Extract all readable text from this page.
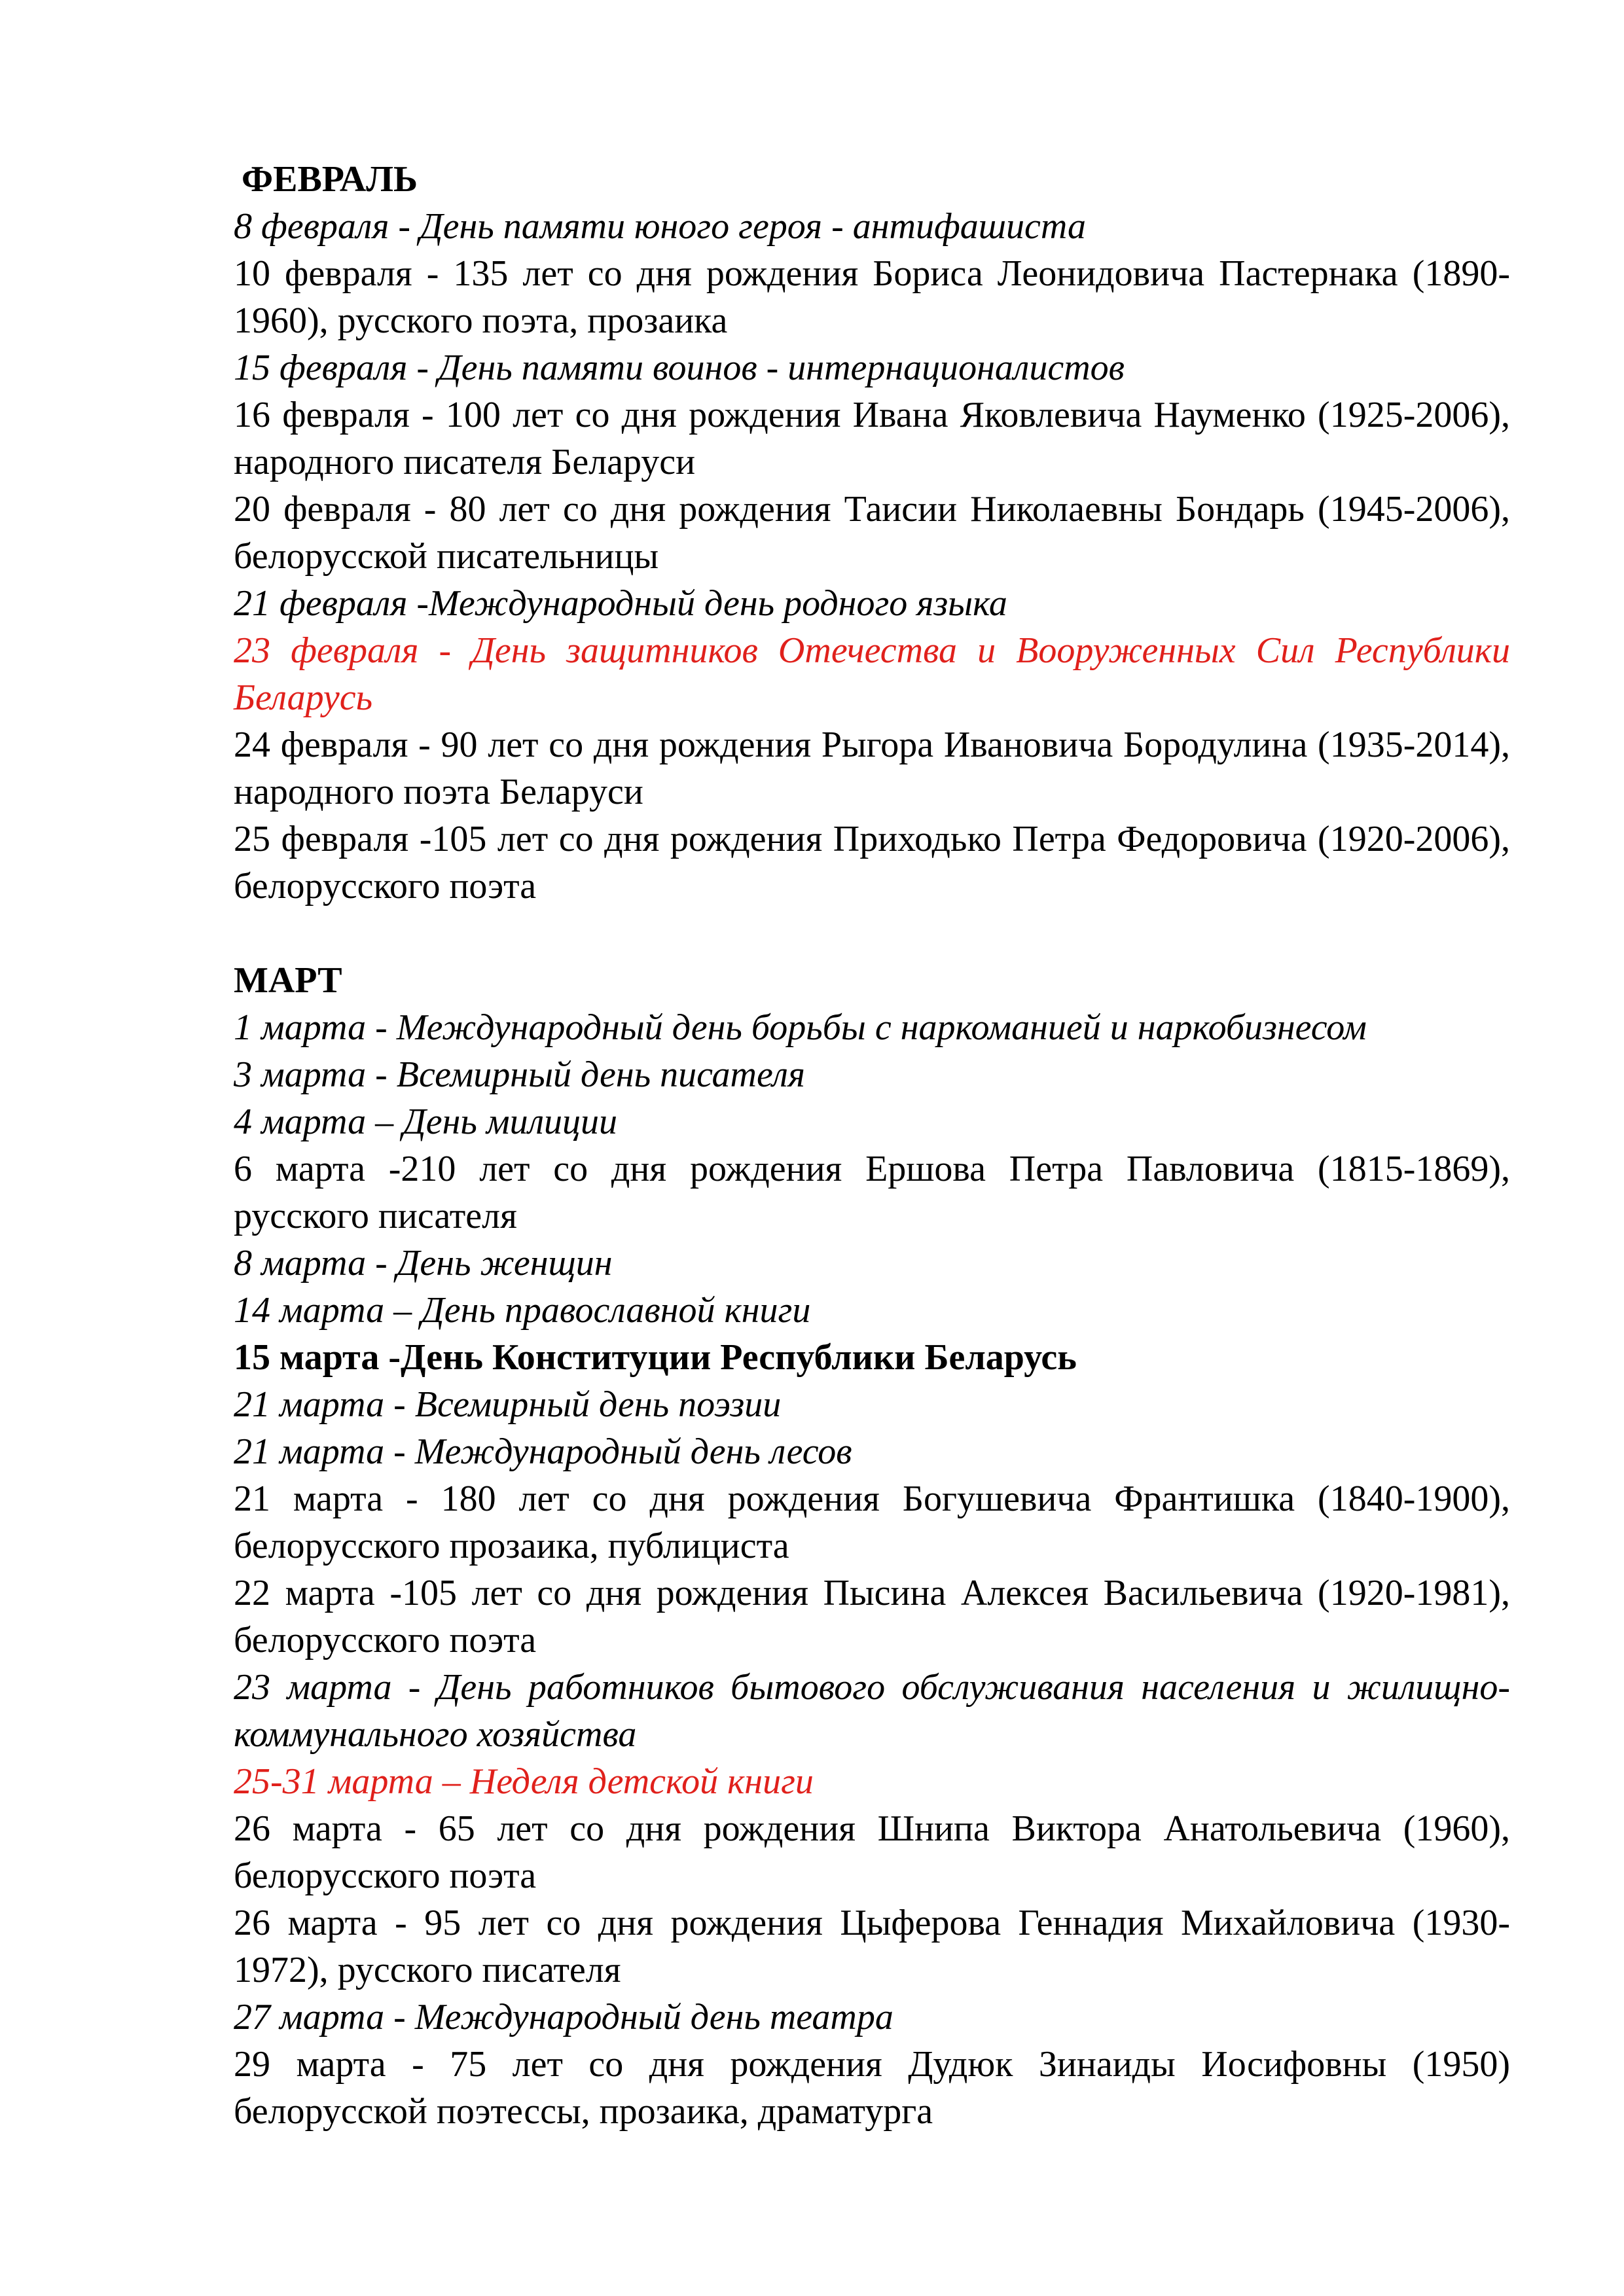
ФЕВРАЛЬ

8 февраля - День памяти юного героя - антифашиста

10 февраля - 135 лет со дня рождения Бориса Леонидовича Пастернака (1890-1960), русского поэта, прозаика

15 февраля - День памяти воинов - интернационалистов

16 февраля - 100 лет со дня рождения Ивана Яковлевича Науменко (1925-2006), народного писателя Беларуси

20 февраля - 80 лет со дня рождения Таисии Николаевны Бондарь (1945-2006), белорусской писательницы

21 февраля -Международный день родного языка

23 февраля - День защитников Отечества и Вооруженных Сил Республики Беларусь

24 февраля - 90 лет со дня рождения Рыгора Ивановича Бородулина (1935-2014), народного поэта Беларуси

25 февраля -105 лет со дня рождения Приходько Петра Федоровича (1920-2006), белорусского поэта

МАРТ

1 марта - Международный день борьбы с наркоманией и наркобизнесом

3 марта - Всемирный день писателя

4 марта – День милиции

6 марта -210 лет со дня рождения Ершова Петра Павловича (1815-1869), русского писателя

8 марта - День женщин

14 марта – День православной книги

15 марта -День Конституции Республики Беларусь

21 марта - Всемирный день поэзии

21 марта - Международный день лесов

21 марта - 180 лет со дня рождения Богушевича Франтишка (1840-1900), белорусского прозаика, публициста

22 марта -105 лет со дня рождения Пысина Алексея Васильевича (1920-1981), белорусского поэта

23 марта - День работников бытового обслуживания населения и жилищно-коммунального хозяйства

25-31 марта – Неделя детской книги

26 марта - 65 лет со дня рождения Шнипа Виктора Анатольевича (1960), белорусского поэта

26 марта - 95 лет со дня рождения Цыферова Геннадия Михайловича (1930-1972), русского писателя

27 марта - Международный день театра

29 марта - 75 лет со дня рождения Дудюк Зинаиды Иосифовны (1950) белорусской поэтессы, прозаика, драматурга
